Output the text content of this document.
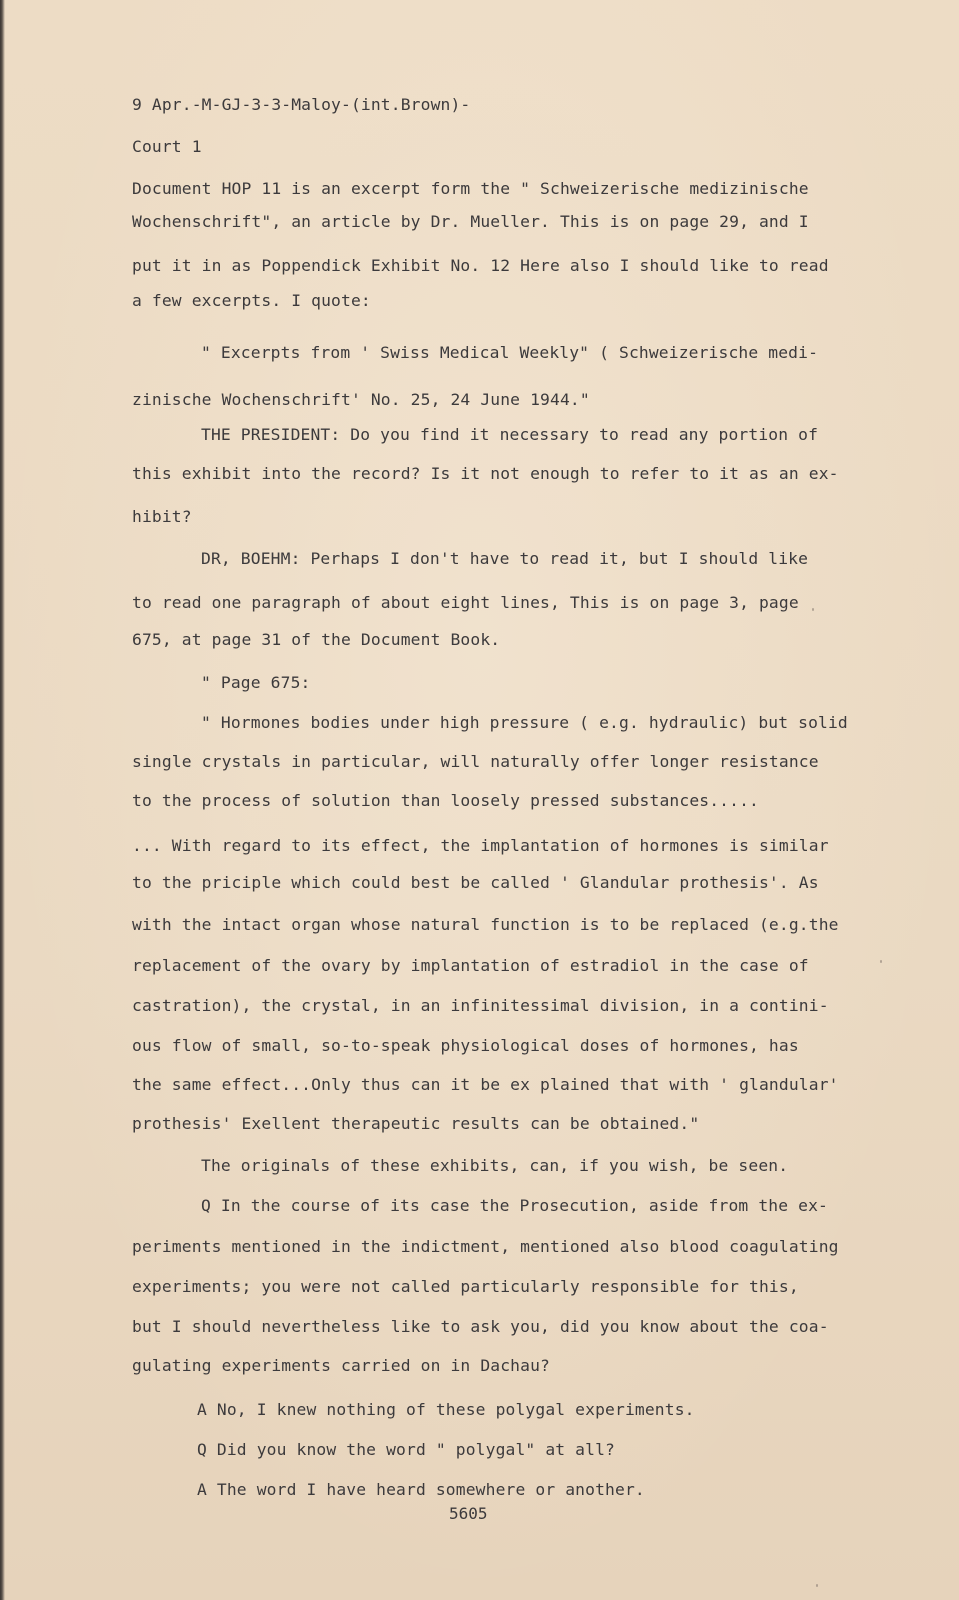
9 Apr.-M-GJ-3-3-Maloy-(int.Brown)-
Court 1
Document HOP 11 is an excerpt form the " Schweizerische medizinische
Wochenschrift", an article by Dr. Mueller. This is on page 29, and I
put it in as Poppendick Exhibit No. 12 Here also I should like to read
a few excerpts. I quote:
" Excerpts from ' Swiss Medical Weekly" ( Schweizerische medi-
zinische Wochenschrift' No. 25, 24 June 1944."
THE PRESIDENT: Do you find it necessary to read any portion of
this exhibit into the record? Is it not enough to refer to it as an ex-
hibit?
DR, BOEHM: Perhaps I don't have to read it, but I should like
to read one paragraph of about eight lines, This is on page 3, page
675, at page 31 of the Document Book.
" Page 675:
" Hormones bodies under high pressure ( e.g. hydraulic) but solid
single crystals in particular, will naturally offer longer resistance
to the process of solution than loosely pressed substances.....
... With regard to its effect, the implantation of hormones is similar
to the priciple which could best be called ' Glandular prothesis'. As
with the intact organ whose natural function is to be replaced (e.g.the
replacement of the ovary by implantation of estradiol in the case of
castration), the crystal, in an infinitessimal division, in a contini-
ous flow of small, so-to-speak physiological doses of hormones, has
the same effect...Only thus can it be ex plained that with ' glandular'
prothesis' Exellent therapeutic results can be obtained."
The originals of these exhibits, can, if you wish, be seen.
Q In the course of its case the Prosecution, aside from the ex-
periments mentioned in the indictment, mentioned also blood coagulating
experiments; you were not called particularly responsible for this,
but I should nevertheless like to ask you, did you know about the coa-
gulating experiments carried on in Dachau?
A No, I knew nothing of these polygal experiments.
Q Did you know the word " polygal" at all?
A The word I have heard somewhere or another.
5605
